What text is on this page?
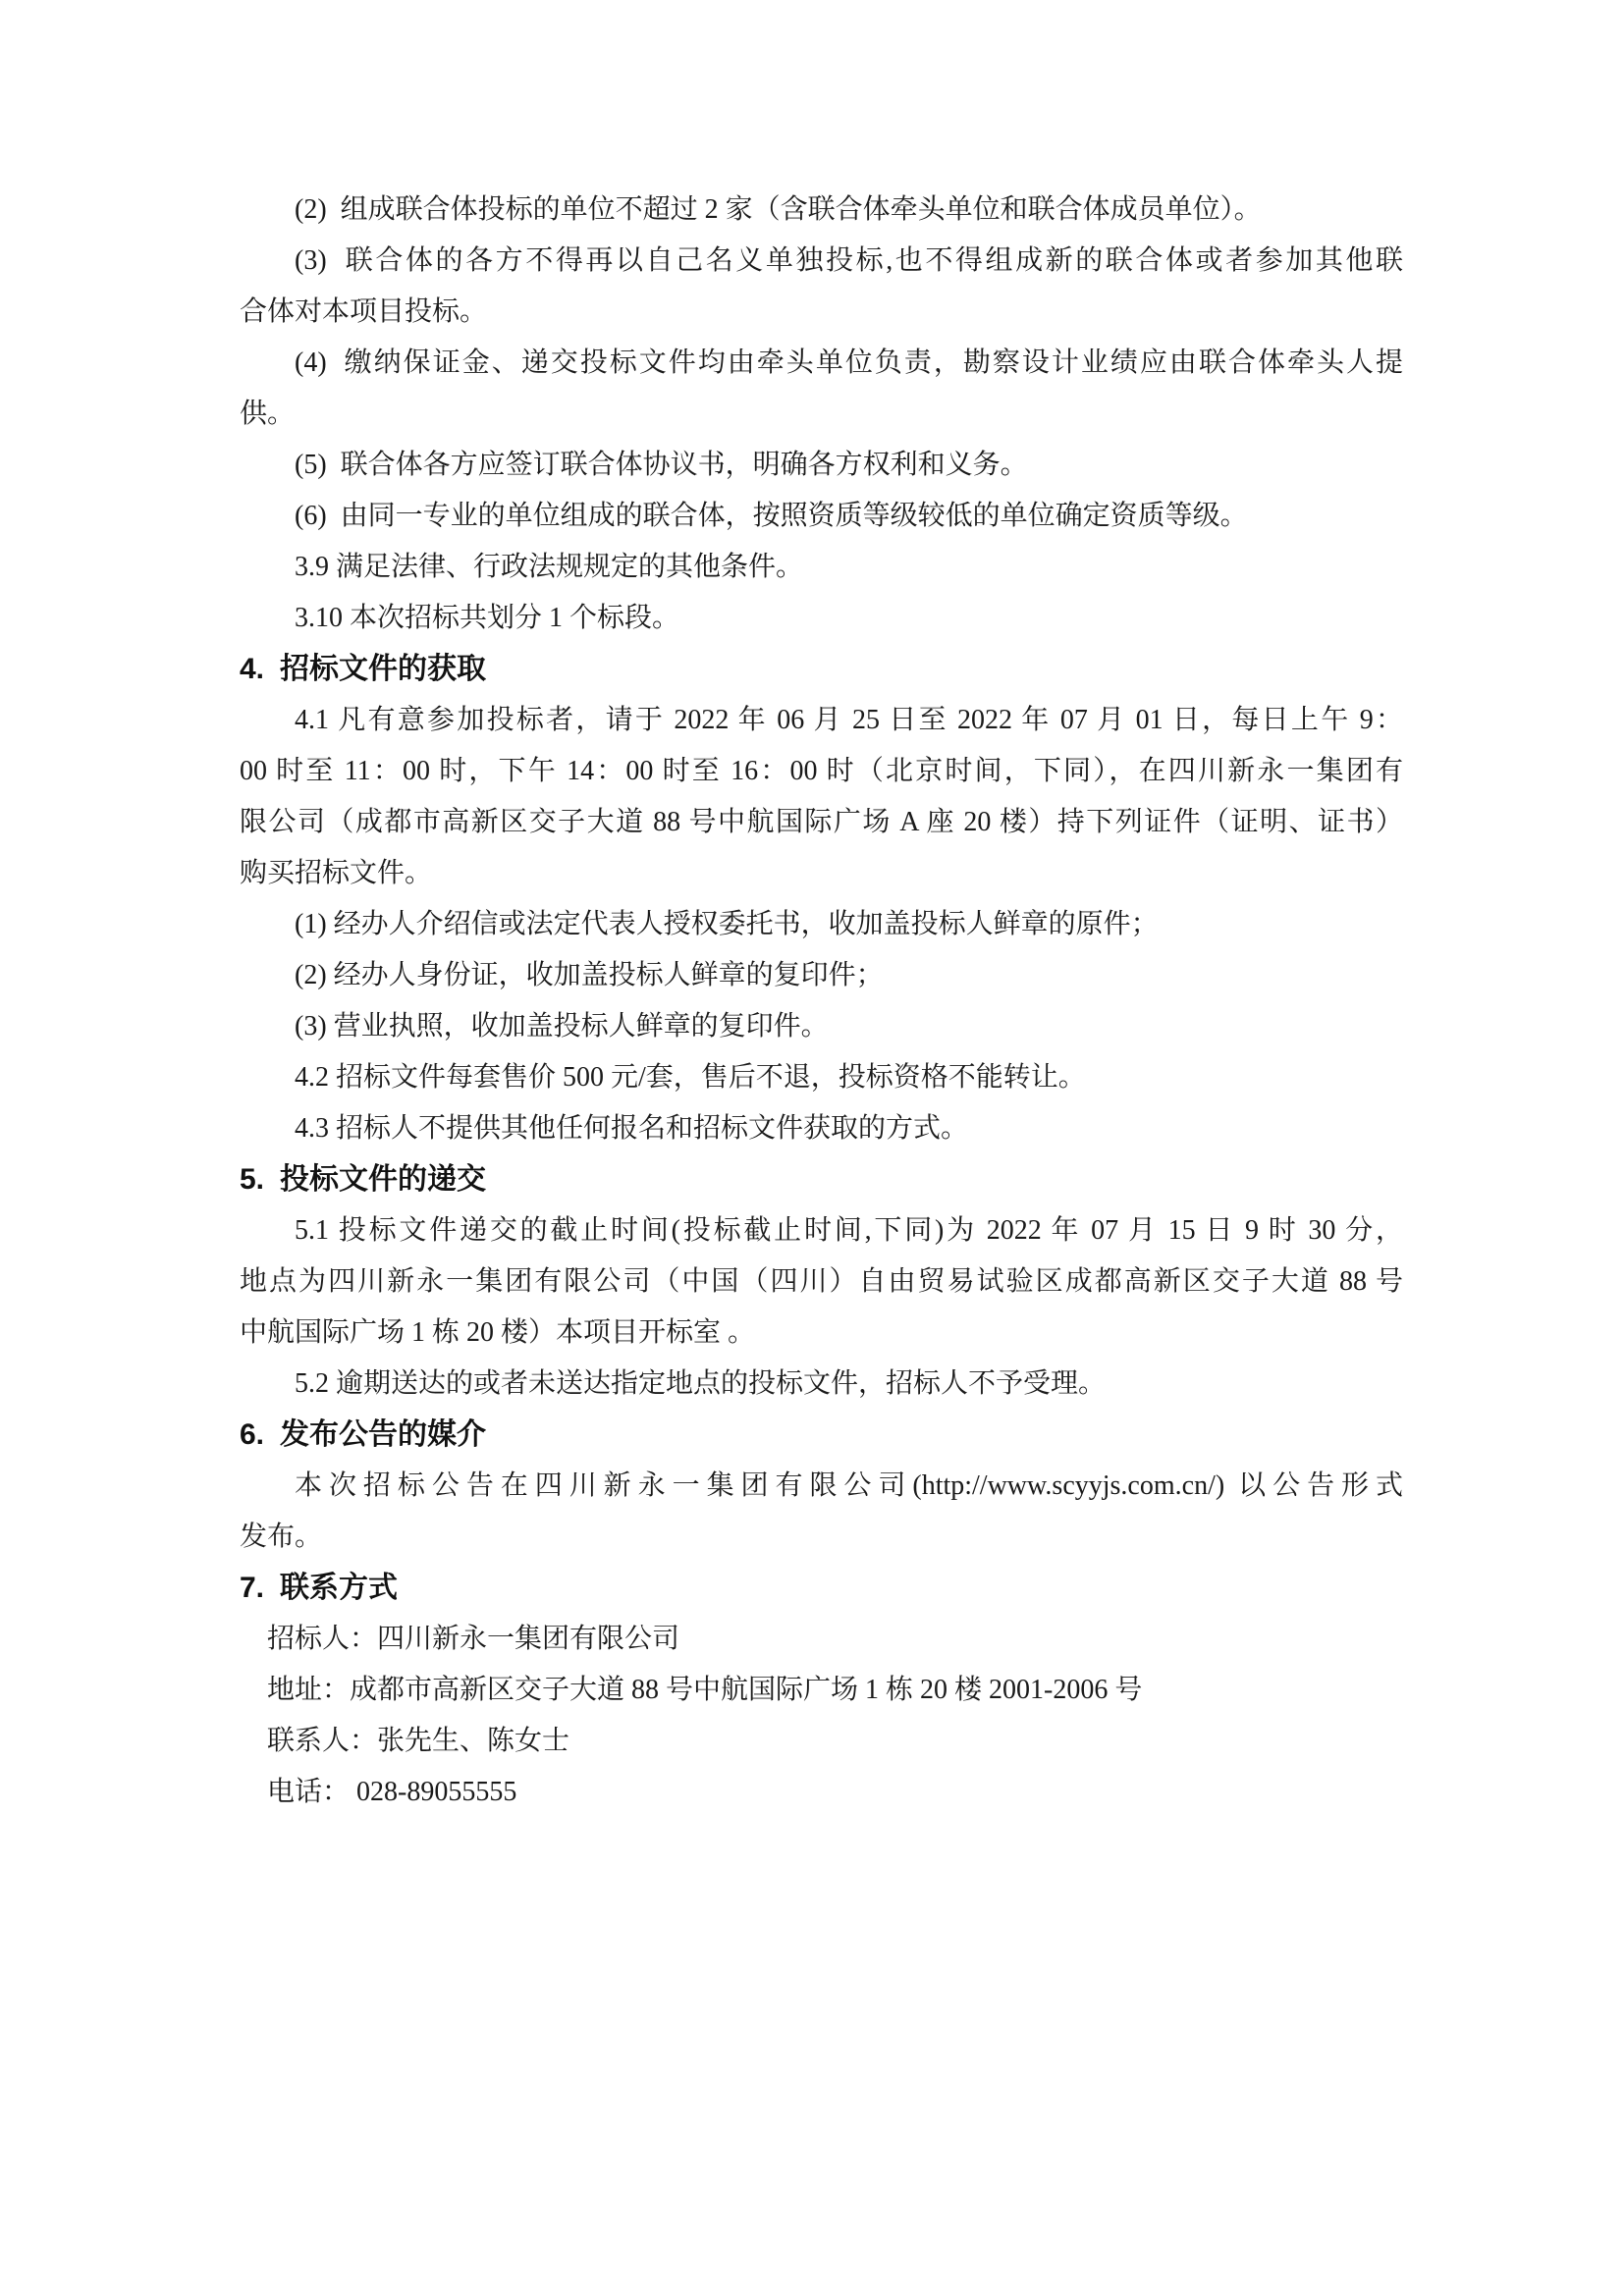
(2)  组成联合体投标的单位不超过 2 家（含联合体牵头单位和联合体成员单位）。
(3)  联合体的各方不得再以自己名义单独投标,也不得组成新的联合体或者参加其他联
合体对本项目投标。
(4)  缴纳保证金、递交投标文件均由牵头单位负责，勘察设计业绩应由联合体牵头人提
供。
(5)  联合体各方应签订联合体协议书，明确各方权利和义务。
(6)  由同一专业的单位组成的联合体，按照资质等级较低的单位确定资质等级。
3.9 满足法律、行政法规规定的其他条件。
3.10 本次招标共划分 1 个标段。
4. 招标文件的获取
4.1 凡有意参加投标者，请于 2022 年 06 月 25 日至 2022 年 07 月 01 日，每日上午 9：
00 时至 11：00 时，下午 14：00 时至 16：00 时（北京时间，下同），在四川新永一集团有
限公司（成都市高新区交子大道 88 号中航国际广场 A 座 20 楼）持下列证件（证明、证书）
购买招标文件。
(1) 经办人介绍信或法定代表人授权委托书，收加盖投标人鲜章的原件；
(2) 经办人身份证，收加盖投标人鲜章的复印件；
(3) 营业执照，收加盖投标人鲜章的复印件。
4.2 招标文件每套售价 500 元/套，售后不退，投标资格不能转让。
4.3 招标人不提供其他任何报名和招标文件获取的方式。
5. 投标文件的递交
5.1 投标文件递交的截止时间(投标截止时间,下同)为 2022 年 07 月 15 日 9 时 30 分，
地点为四川新永一集团有限公司（中国（四川）自由贸易试验区成都高新区交子大道 88 号
中航国际广场 1 栋 20 楼）本项目开标室 。
5.2 逾期送达的或者未送达指定地点的投标文件，招标人不予受理。
6. 发布公告的媒介
本次招标公告在四川新永一集团有限公司(http://www.scyyjs.com.cn/) 以公告形式
发布。
7. 联系方式
招标人：四川新永一集团有限公司
地址：成都市高新区交子大道 88 号中航国际广场 1 栋 20 楼 2001-2006 号
联系人：张先生、陈女士
电话： 028-89055555
